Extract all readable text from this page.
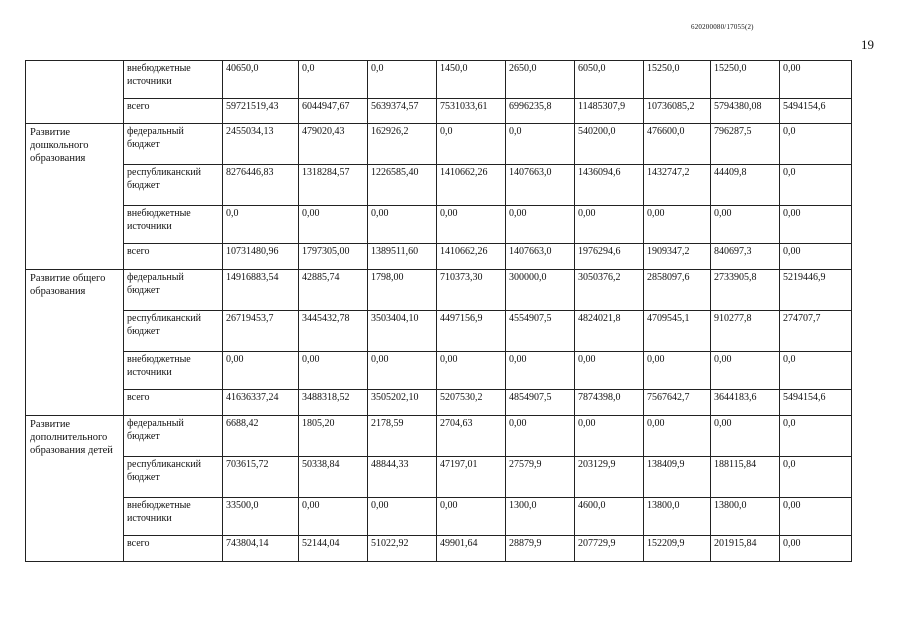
620200080/17055(2)
19
	внебюджетные источники	40650,0	0,0	0,0	1450,0	2650,0	6050,0	15250,0	15250,0	0,00
	всего	59721519,43	6044947,67	5639374,57	7531033,61	6996235,8	11485307,9	10736085,2	5794380,08	5494154,6
Развитие дошкольного образования	федеральный бюджет	2455034,13	479020,43	162926,2	0,0	0,0	540200,0	476600,0	796287,5	0,0
	республиканский бюджет	8276446,83	1318284,57	1226585,40	1410662,26	1407663,0	1436094,6	1432747,2	44409,8	0,0
	внебюджетные источники	0,0	0,00	0,00	0,00	0,00	0,00	0,00	0,00	0,00
	всего	10731480,96	1797305,00	1389511,60	1410662,26	1407663,0	1976294,6	1909347,2	840697,3	0,00
Развитие общего образования	федеральный бюджет	14916883,54	42885,74	1798,00	710373,30	300000,0	3050376,2	2858097,6	2733905,8	5219446,9
	республиканский бюджет	26719453,7	3445432,78	3503404,10	4497156,9	4554907,5	4824021,8	4709545,1	910277,8	274707,7
	внебюджетные источники	0,00	0,00	0,00	0,00	0,00	0,00	0,00	0,00	0,0
	всего	41636337,24	3488318,52	3505202,10	5207530,2	4854907,5	7874398,0	7567642,7	3644183,6	5494154,6
Развитие дополнительного образования детей	федеральный бюджет	6688,42	1805,20	2178,59	2704,63	0,00	0,00	0,00	0,00	0,0
	республиканский бюджет	703615,72	50338,84	48844,33	47197,01	27579,9	203129,9	138409,9	188115,84	0,0
	внебюджетные источники	33500,0	0,00	0,00	0,00	1300,0	4600,0	13800,0	13800,0	0,00
	всего	743804,14	52144,04	51022,92	49901,64	28879,9	207729,9	152209,9	201915,84	0,00
